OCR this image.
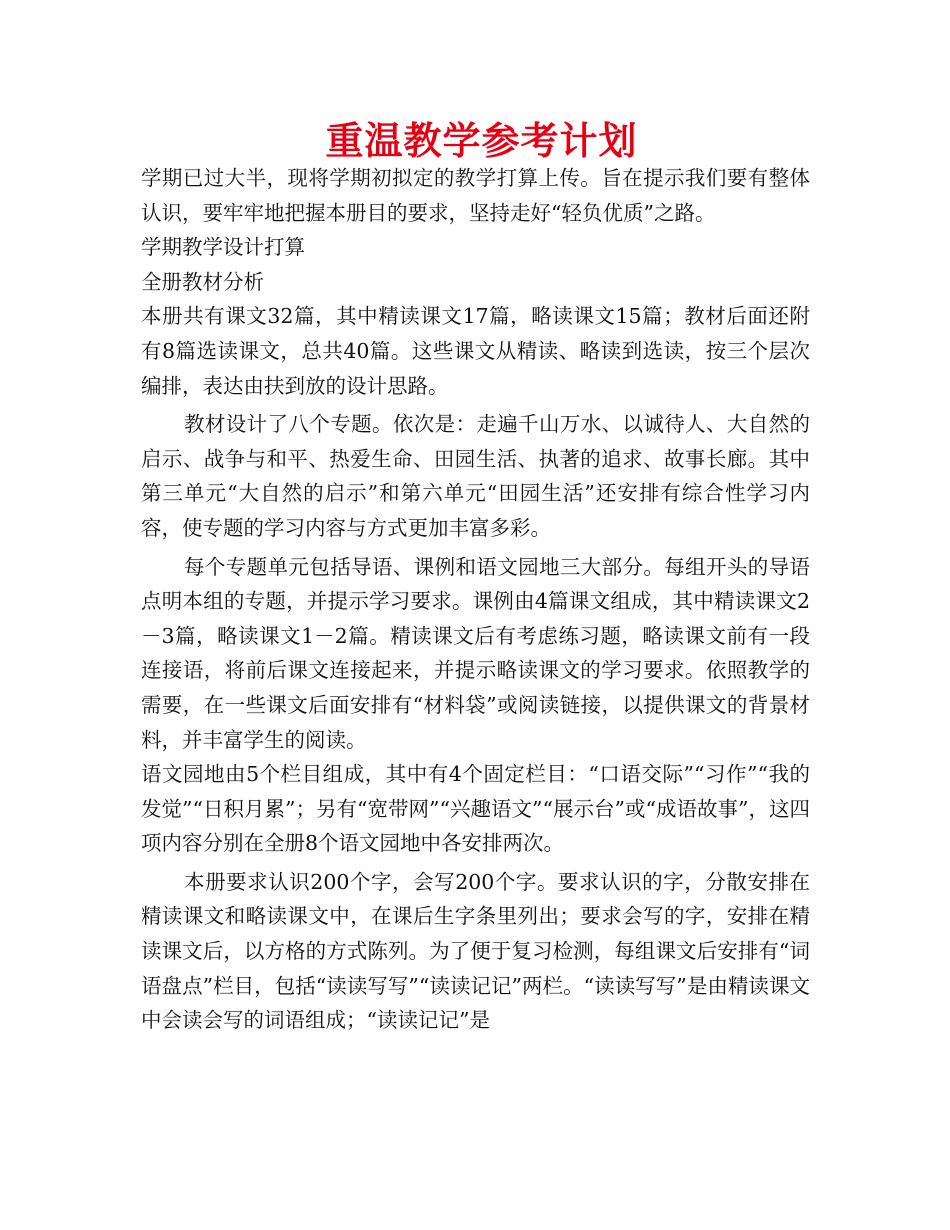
重温教学参考计划

学期已过大半，现将学期初拟定的教学打算上传。旨在提示我们要有整体认识，要牢牢地把握本册目的要求，坚持走好“轻负优质”之路。

学期教学设计打算

全册教材分析

本册共有课文32篇，其中精读课文17篇，略读课文15篇；教材后面还附有8篇选读课文，总共40篇。这些课文从精读、略读到选读，按三个层次编排，表达由扶到放的设计思路。

教材设计了八个专题。依次是：走遍千山万水、以诚待人、大自然的启示、战争与和平、热爱生命、田园生活、执著的追求、故事长廊。其中第三单元“大自然的启示”和第六单元“田园生活”还安排有综合性学习内容，使专题的学习内容与方式更加丰富多彩。

每个专题单元包括导语、课例和语文园地三大部分。每组开头的导语点明本组的专题，并提示学习要求。课例由4篇课文组成，其中精读课文2－3篇，略读课文1－2篇。精读课文后有考虑练习题，略读课文前有一段连接语，将前后课文连接起来，并提示略读课文的学习要求。依照教学的需要，在一些课文后面安排有“材料袋”或阅读链接，以提供课文的背景材料，并丰富学生的阅读。

语文园地由5个栏目组成，其中有4个固定栏目：“口语交际”“习作”“我的发觉”“日积月累”；另有“宽带网”“兴趣语文”“展示台”或“成语故事”，这四项内容分别在全册8个语文园地中各安排两次。

本册要求认识200个字，会写200个字。要求认识的字，分散安排在精读课文和略读课文中，在课后生字条里列出；要求会写的字，安排在精读课文后，以方格的方式陈列。为了便于复习检测，每组课文后安排有“词语盘点”栏目，包括“读读写写”“读读记记”两栏。“读读写写”是由精读课文中会读会写的词语组成；“读读记记”是
